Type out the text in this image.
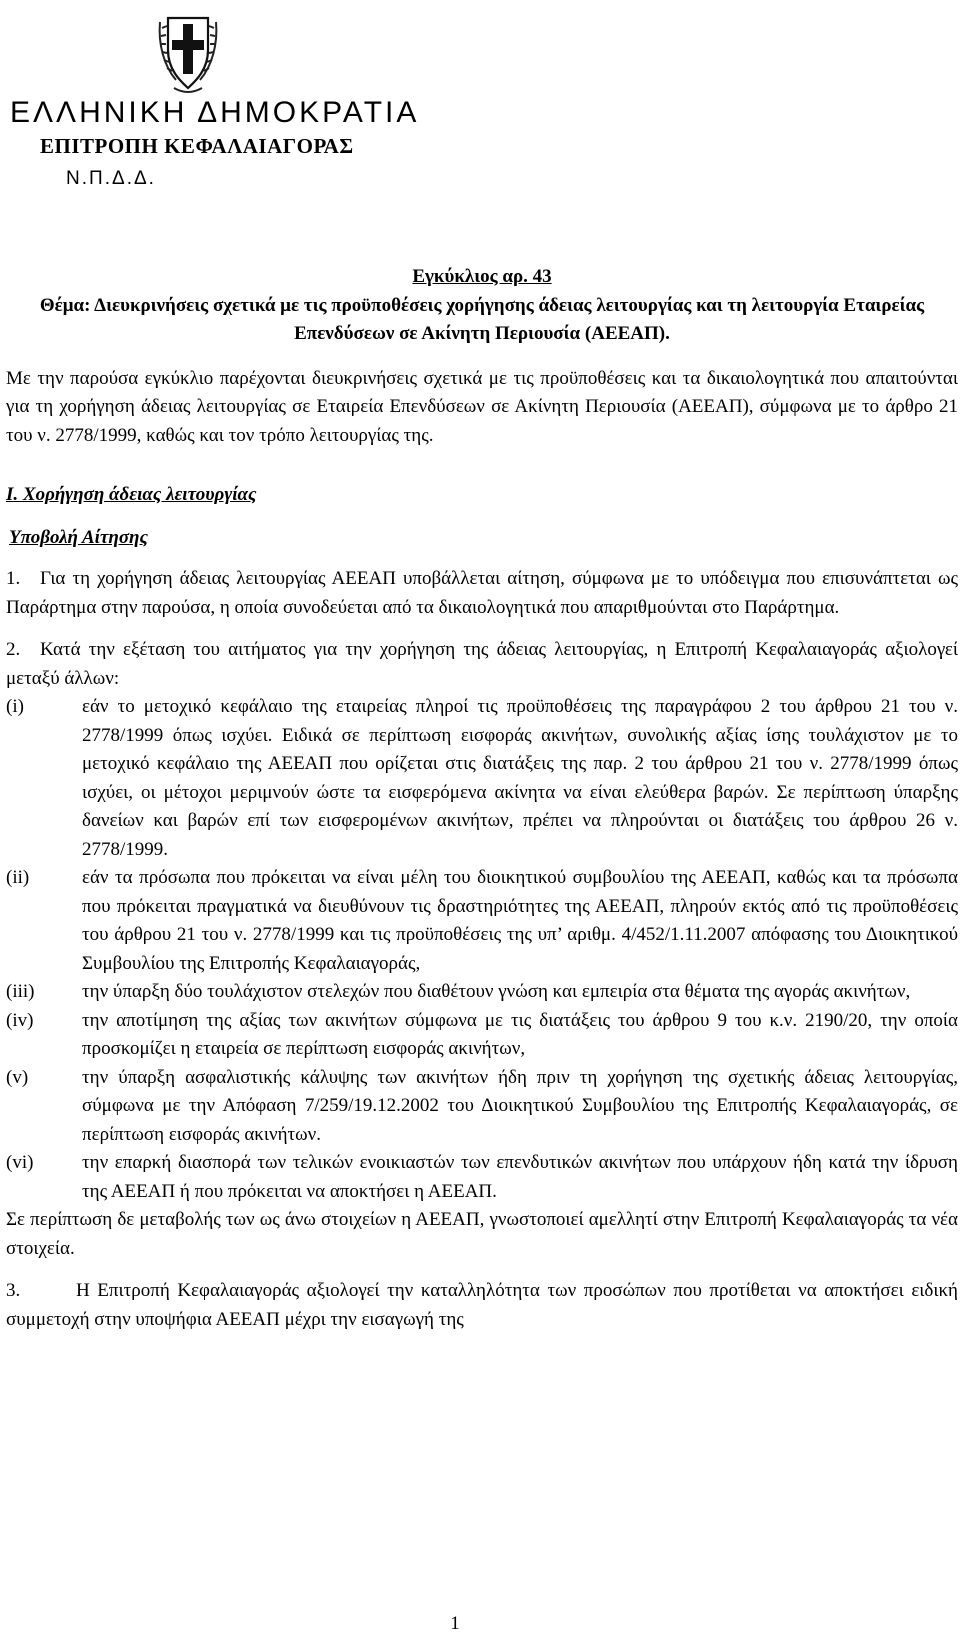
ΕΛΛΗΝΙΚΗ ΔΗΜΟΚΡΑΤΙΑ
ΕΠΙΤΡΟΠΗ ΚΕΦΑΛΑΙΑΓΟΡΑΣ
Ν.Π.Δ.Δ.
Εγκύκλιος αρ. 43
Θέμα: Διευκρινήσεις σχετικά με τις προϋποθέσεις χορήγησης άδειας λειτουργίας και τη λειτουργία Εταιρείας Επενδύσεων σε Ακίνητη Περιουσία (ΑΕΕΑΠ).

Με την παρούσα εγκύκλιο παρέχονται διευκρινήσεις σχετικά με τις προϋποθέσεις και τα δικαιολογητικά που απαιτούνται για τη χορήγηση άδειας λειτουργίας σε Εταιρεία Επενδύσεων σε Ακίνητη Περιουσία (ΑΕΕΑΠ), σύμφωνα με το άρθρο 21 του ν. 2778/1999, καθώς και τον τρόπο λειτουργίας της.

Ι. Χορήγηση άδειας λειτουργίας
Υποβολή Αίτησης

1. Για τη χορήγηση άδειας λειτουργίας ΑΕΕΑΠ υποβάλλεται αίτηση, σύμφωνα με το υπόδειγμα που επισυνάπτεται ως Παράρτημα στην παρούσα, η οποία συνοδεύεται από τα δικαιολογητικά που απαριθμούνται στο Παράρτημα.

2. Κατά την εξέταση του αιτήματος για την χορήγηση της άδειας λειτουργίας, η Επιτροπή Κεφαλαιαγοράς αξιολογεί μεταξύ άλλων:

(i)	εάν το μετοχικό κεφάλαιο της εταιρείας πληροί τις προϋποθέσεις της παραγράφου 2 του άρθρου 21 του ν. 2778/1999 όπως ισχύει. Ειδικά σε περίπτωση εισφοράς ακινήτων, συνολικής αξίας ίσης τουλάχιστον με το μετοχικό κεφάλαιο της ΑΕΕΑΠ που ορίζεται στις διατάξεις της παρ. 2 του άρθρου 21 του ν. 2778/1999 όπως ισχύει, οι μέτοχοι μεριμνούν ώστε τα εισφερόμενα ακίνητα να είναι ελεύθερα βαρών. Σε περίπτωση ύπαρξης δανείων και βαρών επί των εισφερομένων ακινήτων, πρέπει να πληρούνται οι διατάξεις του άρθρου 26 ν. 2778/1999.
(ii)	εάν τα πρόσωπα που πρόκειται να είναι μέλη του διοικητικού συμβουλίου της ΑΕΕΑΠ, καθώς και τα πρόσωπα που πρόκειται πραγματικά να διευθύνουν τις δραστηριότητες της ΑΕΕΑΠ, πληρούν εκτός από τις προϋποθέσεις του άρθρου 21 του ν. 2778/1999 και τις προϋποθέσεις της υπ’ αριθμ. 4/452/1.11.2007 απόφασης του Διοικητικού Συμβουλίου της Επιτροπής Κεφαλαιαγοράς,
(iii)	την ύπαρξη δύο τουλάχιστον στελεχών που διαθέτουν γνώση και εμπειρία στα θέματα της αγοράς ακινήτων,
(iv)	την αποτίμηση της αξίας των ακινήτων σύμφωνα με τις διατάξεις του άρθρου 9 του κ.ν. 2190/20, την οποία προσκομίζει η εταιρεία σε περίπτωση εισφοράς ακινήτων,
(v)	την ύπαρξη ασφαλιστικής κάλυψης των ακινήτων ήδη πριν τη χορήγηση της σχετικής άδειας λειτουργίας, σύμφωνα με την Απόφαση 7/259/19.12.2002 του Διοικητικού Συμβουλίου της Επιτροπής Κεφαλαιαγοράς, σε περίπτωση εισφοράς ακινήτων.
(vi)	την επαρκή διασπορά των τελικών ενοικιαστών των επενδυτικών ακινήτων που υπάρχουν ήδη κατά την ίδρυση της ΑΕΕΑΠ ή που πρόκειται να αποκτήσει η ΑΕΕΑΠ.

Σε περίπτωση δε μεταβολής των ως άνω στοιχείων η ΑΕΕΑΠ, γνωστοποιεί αμελλητί στην Επιτροπή Κεφαλαιαγοράς τα νέα στοιχεία.

3.	Η Επιτροπή Κεφαλαιαγοράς αξιολογεί την καταλληλότητα των προσώπων που προτίθεται να αποκτήσει ειδική συμμετοχή στην υποψήφια ΑΕΕΑΠ μέχρι την εισαγωγή της

1
